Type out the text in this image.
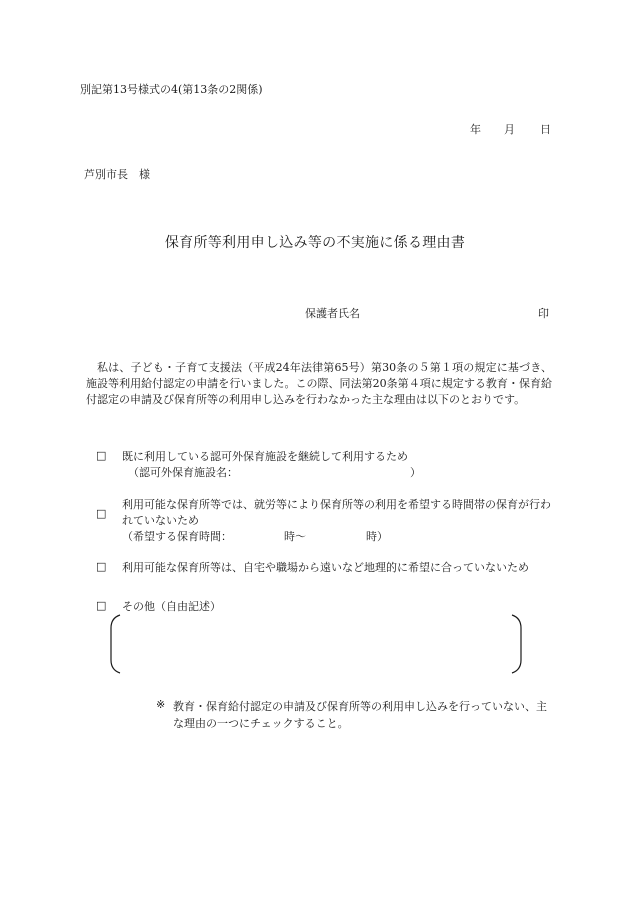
別記第13号様式の4(第13条の2関係)
年 月 日
芦別市長　様
保育所等利用申し込み等の不実施に係る理由書
保護者氏名	印
私は、子ども・子育て支援法（平成24年法律第65号）第30条の５第１項の規定に基づき、施設等利用給付認定の申請を行いました。この際、同法第20条第４項に規定する教育・保育給付認定の申請及び保育所等の利用申し込みを行わなかった主な理由は以下のとおりです。
□ 既に利用している認可外保育施設を継続して利用するため
（認可外保育施設名：	）
□
利用可能な保育所等では、就労等により保育所等の利用を希望する時間帯の保育が行われていないため
（希望する保育時間：	時～	時）
□ 利用可能な保育所等は、自宅や職場から遠いなど地理的に希望に合っていないため
□ その他（自由記述）
※ 教育・保育給付認定の申請及び保育所等の利用申し込みを行っていない、主な理由の一つにチェックすること。
